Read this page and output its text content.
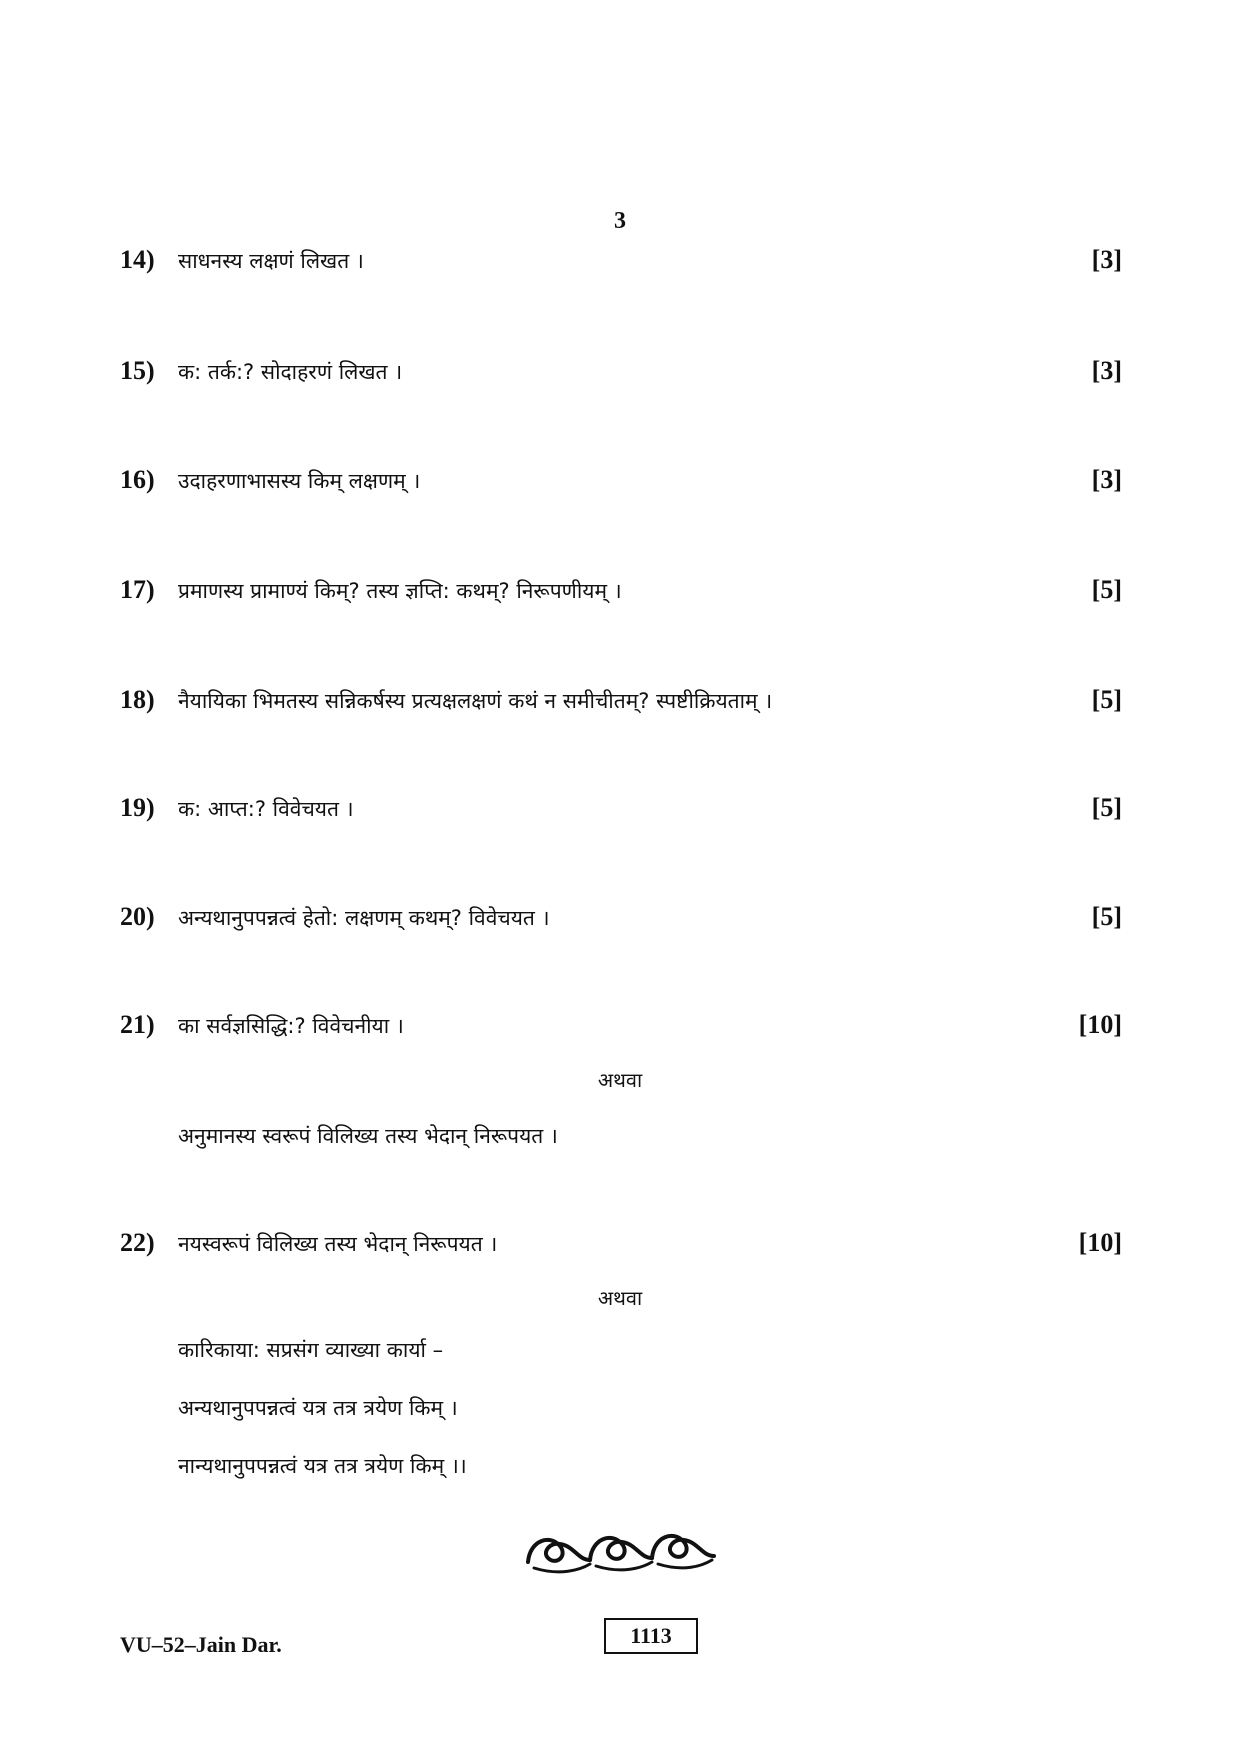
3
14) साधनस्य लक्षणं लिखत ।	[3]
15) क: तर्क:? सोदाहरणं लिखत ।	[3]
16) उदाहरणाभासस्य किम् लक्षणम् ।	[3]
17) प्रमाणस्य प्रामाण्यं किम्? तस्य ज्ञप्ति: कथम्? निरूपणीयम् ।	[5]
18) नैयायिका भिमतस्य सन्निकर्षस्य प्रत्यक्षलक्षणं कथं न समीचीतम्? स्पष्टीक्रियताम् ।	[5]
19) क: आप्त:? विवेचयत ।	[5]
20) अन्यथानुपपन्नत्वं हेतो: लक्षणम् कथम्? विवेचयत ।	[5]
21) का सर्वज्ञसिद्धि:? विवेचनीया ।	[10]
अथवा
अनुमानस्य स्वरूपं विलिख्य तस्य भेदान् निरूपयत ।
22) नयस्वरूपं विलिख्य तस्य भेदान् निरूपयत ।	[10]
अथवा
कारिकाया: सप्रसंग व्याख्या कार्या –
अन्यथानुपपन्नत्वं यत्र तत्र त्रयेण किम् ।
नान्यथानुपपन्नत्वं यत्र तत्र त्रयेण किम् ।।
VU–52–Jain Dar.	1113
